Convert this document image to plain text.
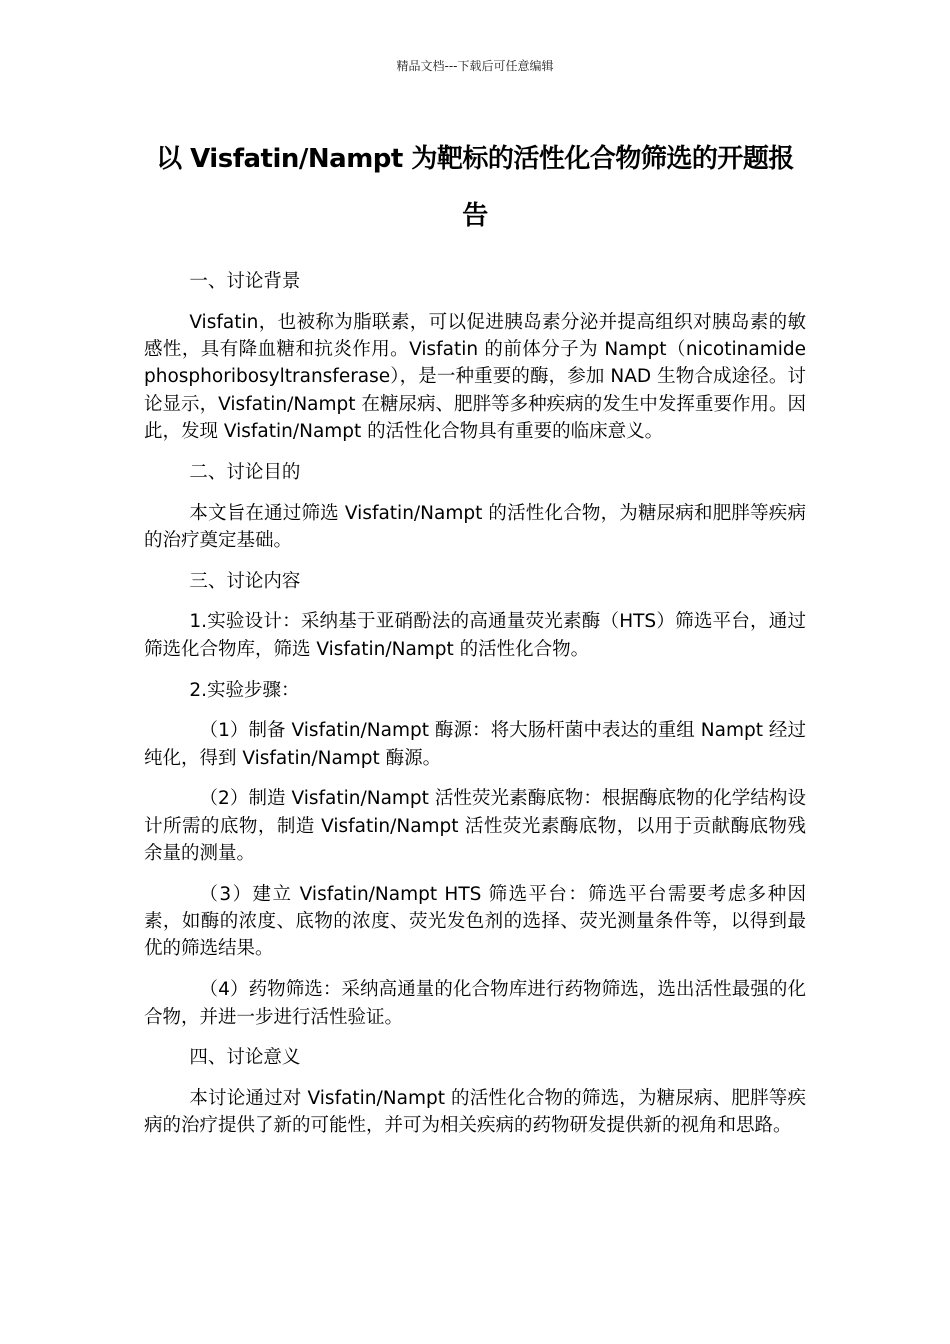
精品文档---下载后可任意编辑
以 Visfatin/Nampt 为靶标的活性化合物筛选的开题报告

一、讨论背景

Visfatin，也被称为脂联素，可以促进胰岛素分泌并提高组织对胰岛素的敏感性，具有降血糖和抗炎作用。Visfatin 的前体分子为 Nampt（nicotinamide phosphoribosyltransferase），是一种重要的酶，参加 NAD 生物合成途径。讨论显示，Visfatin/Nampt 在糖尿病、肥胖等多种疾病的发生中发挥重要作用。因此，发现 Visfatin/Nampt 的活性化合物具有重要的临床意义。

二、讨论目的

本文旨在通过筛选 Visfatin/Nampt 的活性化合物，为糖尿病和肥胖等疾病的治疗奠定基础。

三、讨论内容

1.实验设计：采纳基于亚硝酚法的高通量荧光素酶（HTS）筛选平台，通过筛选化合物库，筛选 Visfatin/Nampt 的活性化合物。

2.实验步骤：

（1）制备 Visfatin/Nampt 酶源：将大肠杆菌中表达的重组 Nampt 经过纯化，得到 Visfatin/Nampt 酶源。

（2）制造 Visfatin/Nampt 活性荧光素酶底物：根据酶底物的化学结构设计所需的底物，制造 Visfatin/Nampt 活性荧光素酶底物，以用于贡献酶底物残余量的测量。

（3）建立 Visfatin/Nampt HTS 筛选平台：筛选平台需要考虑多种因素，如酶的浓度、底物的浓度、荧光发色剂的选择、荧光测量条件等，以得到最优的筛选结果。

（4）药物筛选：采纳高通量的化合物库进行药物筛选，选出活性最强的化合物，并进一步进行活性验证。

四、讨论意义

本讨论通过对 Visfatin/Nampt 的活性化合物的筛选，为糖尿病、肥胖等疾病的治疗提供了新的可能性，并可为相关疾病的药物研发提供新的视角和思路。
